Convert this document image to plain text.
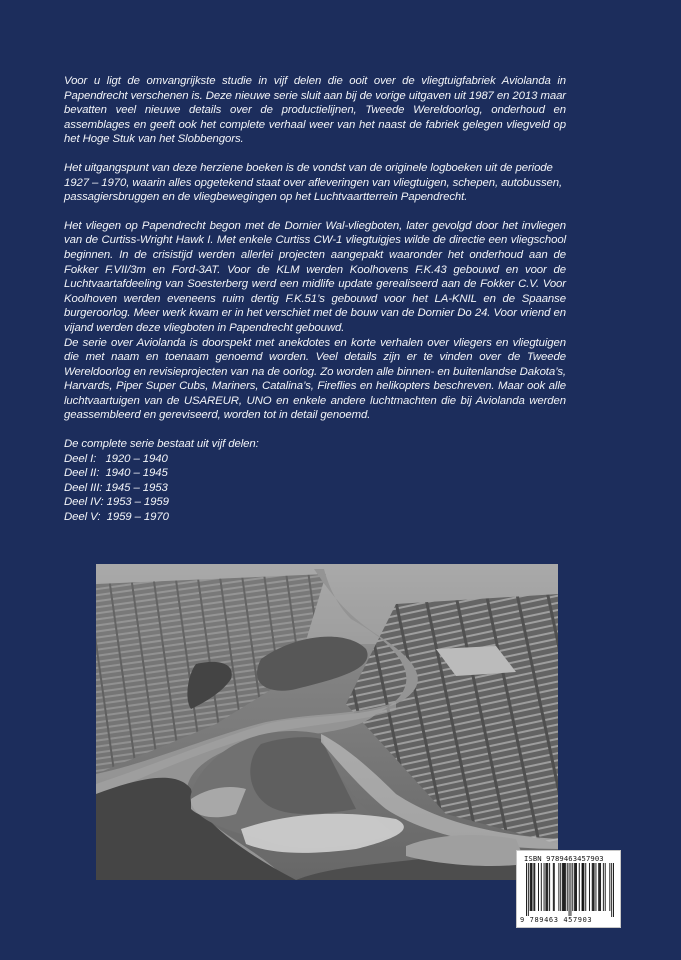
Voor u ligt de omvangrijkste studie in vijf delen die ooit over de vliegtuigfabriek Aviolanda in Papendrecht verschenen is. Deze nieuwe serie sluit aan bij de vorige uitgaven uit 1987 en 2013 maar bevatten veel nieuwe details over de productielijnen, Tweede Wereldoorlog, onderhoud en assemblages en geeft ook het complete verhaal weer van het naast de fabriek gelegen vliegveld op het Hoge Stuk van het Slobbengors.

Het uitgangspunt van deze herziene boeken is de vondst van de originele logboeken uit de periode 1927 – 1970, waarin alles opgetekend staat over afleveringen van vliegtuigen, schepen, autobussen, passagiersbruggen en de vliegbewegingen op het Luchtvaartterrein Papendrecht.

Het vliegen op Papendrecht begon met de Dornier Wal-vliegboten, later gevolgd door het invliegen van de Curtiss-Wright Hawk I. Met enkele Curtiss CW-1 vliegtuigjes wilde de directie een vliegschool beginnen. In de crisistijd werden allerlei projecten aangepakt waaronder het onderhoud aan de Fokker F.VII/3m en Ford-3AT. Voor de KLM werden Koolhovens F.K.43 gebouwd en voor de Luchtvaartafdeeling van Soesterberg werd een midlife update gerealiseerd aan de Fokker C.V. Voor Koolhoven werden eveneens ruim dertig F.K.51’s gebouwd voor het LA-KNIL en de Spaanse burgeroorlog. Meer werk kwam er in het verschiet met de bouw van de Dornier Do 24. Voor vriend en vijand werden deze vliegboten in Papendrecht gebouwd.

De serie over Aviolanda is doorspekt met anekdotes en korte verhalen over vliegers en vliegtuigen die met naam en toenaam genoemd worden. Veel details zijn er te vinden over de Tweede Wereldoorlog en revisieprojecten van na de oorlog. Zo worden alle binnen- en buitenlandse Dakota’s, Harvards, Piper Super Cubs, Mariners, Catalina’s, Fireflies en helikopters beschreven. Maar ook alle luchtvaartuigen van de USAREUR, UNO en enkele andere luchtmachten die bij Aviolanda werden geassembleerd en gereviseerd, worden tot in detail genoemd.

De complete serie bestaat uit vijf delen:

Deel I: 1920 – 1940
Deel II: 1940 – 1945
Deel III: 1945 – 1953
Deel IV: 1953 – 1959
Deel V: 1959 – 1970
ISBN 9789463457903
9 789463 457903
